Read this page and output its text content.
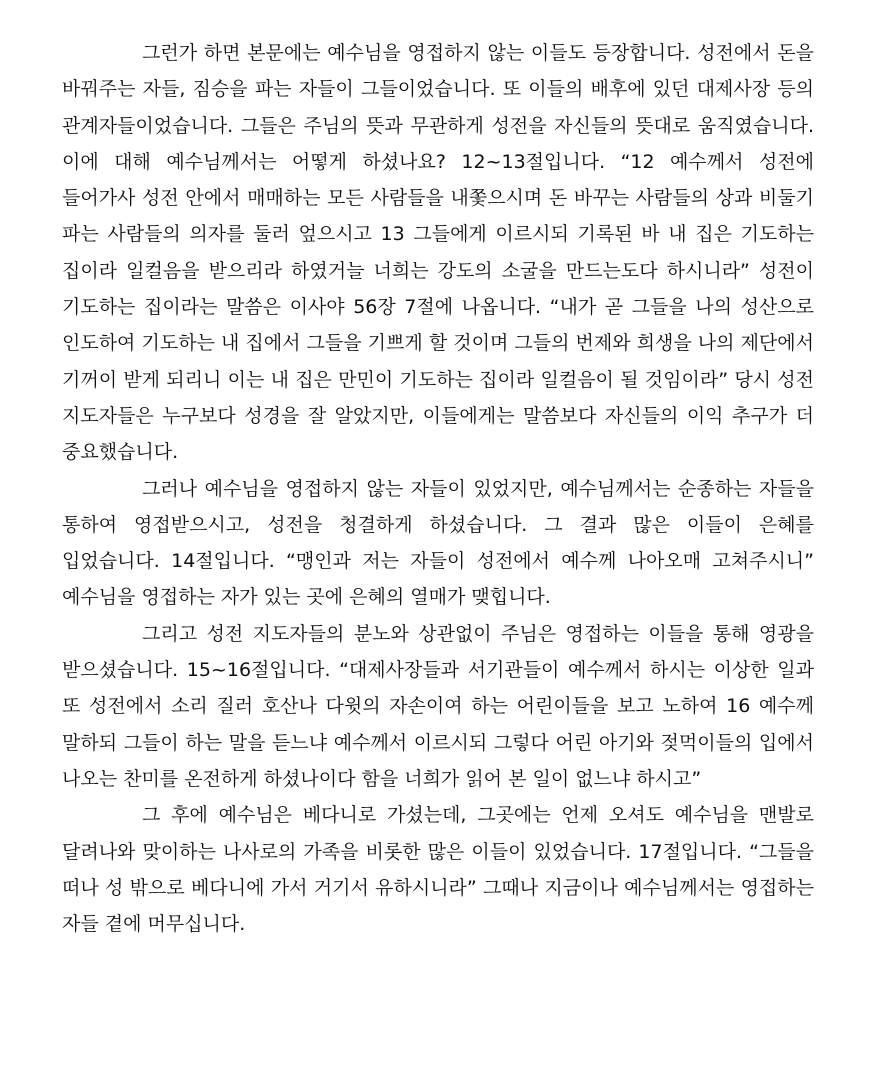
그런가 하면 본문에는 예수님을 영접하지 않는 이들도 등장합니다. 성전에서 돈을 바꿔주는 자들, 짐승을 파는 자들이 그들이었습니다. 또 이들의 배후에 있던 대제사장 등의 관계자들이었습니다. 그들은 주님의 뜻과 무관하게 성전을 자신들의 뜻대로 움직였습니다. 이에 대해 예수님께서는 어떻게 하셨나요? 12~13절입니다. “12 예수께서 성전에 들어가사 성전 안에서 매매하는 모든 사람들을 내쫓으시며 돈 바꾸는 사람들의 상과 비둘기 파는 사람들의 의자를 둘러 엎으시고 13 그들에게 이르시되 기록된 바 내 집은 기도하는 집이라 일컬음을 받으리라 하였거늘 너희는 강도의 소굴을 만드는도다 하시니라” 성전이 기도하는 집이라는 말씀은 이사야 56장 7절에 나옵니다. “내가 곧 그들을 나의 성산으로 인도하여 기도하는 내 집에서 그들을 기쁘게 할 것이며 그들의 번제와 희생을 나의 제단에서 기꺼이 받게 되리니 이는 내 집은 만민이 기도하는 집이라 일컬음이 될 것임이라” 당시 성전 지도자들은 누구보다 성경을 잘 알았지만, 이들에게는 말씀보다 자신들의 이익 추구가 더 중요했습니다.

그러나 예수님을 영접하지 않는 자들이 있었지만, 예수님께서는 순종하는 자들을 통하여 영접받으시고, 성전을 청결하게 하셨습니다. 그 결과 많은 이들이 은혜를 입었습니다. 14절입니다. “맹인과 저는 자들이 성전에서 예수께 나아오매 고쳐주시니” 예수님을 영접하는 자가 있는 곳에 은혜의 열매가 맺힙니다.

그리고 성전 지도자들의 분노와 상관없이 주님은 영접하는 이들을 통해 영광을 받으셨습니다. 15~16절입니다. “대제사장들과 서기관들이 예수께서 하시는 이상한 일과 또 성전에서 소리 질러 호산나 다윗의 자손이여 하는 어린이들을 보고 노하여 16 예수께 말하되 그들이 하는 말을 듣느냐 예수께서 이르시되 그렇다 어린 아기와 젖먹이들의 입에서 나오는 찬미를 온전하게 하셨나이다 함을 너희가 읽어 본 일이 없느냐 하시고”

그 후에 예수님은 베다니로 가셨는데, 그곳에는 언제 오셔도 예수님을 맨발로 달려나와 맞이하는 나사로의 가족을 비롯한 많은 이들이 있었습니다. 17절입니다. “그들을 떠나 성 밖으로 베다니에 가서 거기서 유하시니라” 그때나 지금이나 예수님께서는 영접하는 자들 곁에 머무십니다.
